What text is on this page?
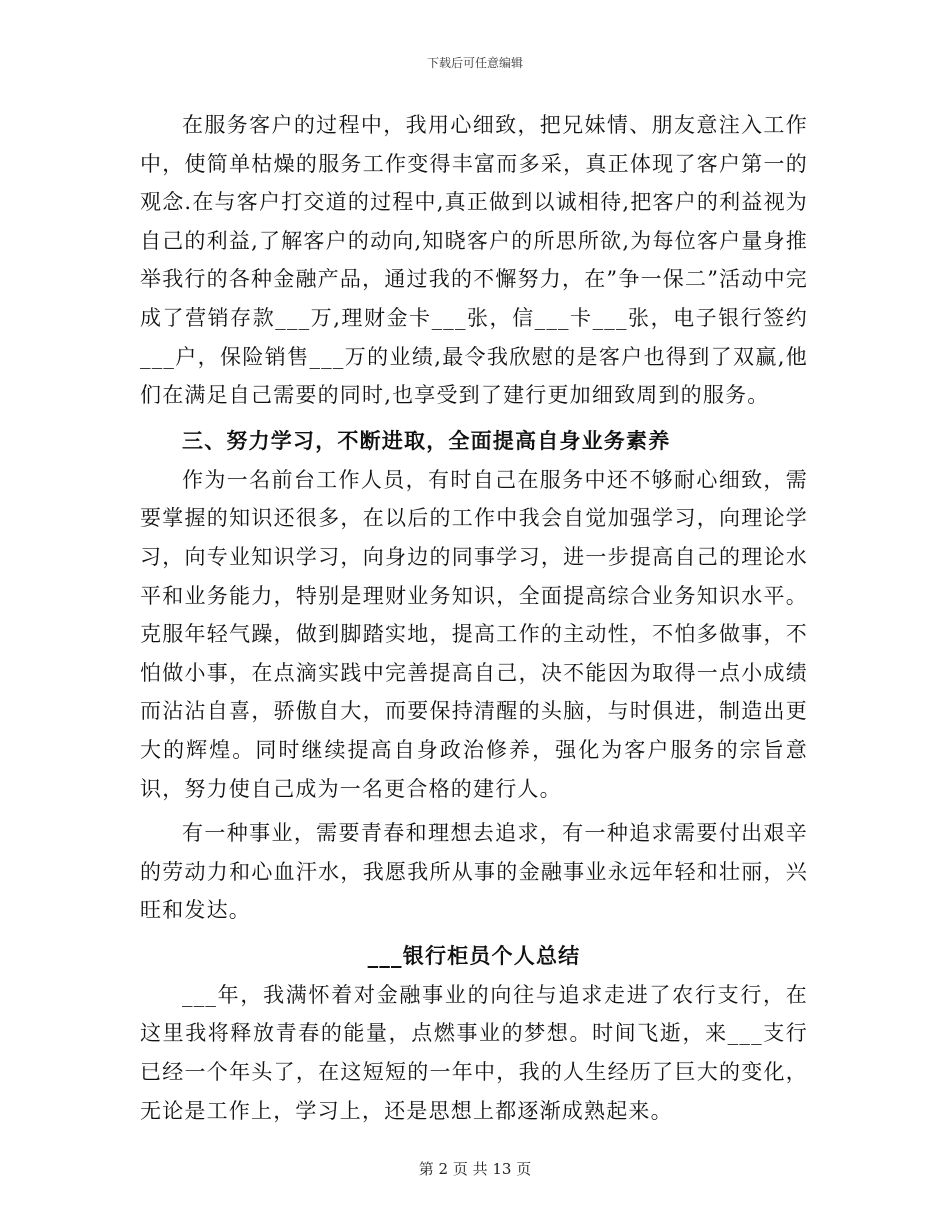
下载后可任意编辑

在服务客户的过程中，我用心细致，把兄妹情、朋友意注入工作中，使简单枯燥的服务工作变得丰富而多采，真正体现了客户第一的观念.在与客户打交道的过程中,真正做到以诚相待,把客户的利益视为自己的利益,了解客户的动向,知晓客户的所思所欲,为每位客户量身推举我行的各种金融产品，通过我的不懈努力，在”争一保二”活动中完成了营销存款___万,理财金卡___张，信___卡___张，电子银行签约___户，保险销售___万的业绩,最令我欣慰的是客户也得到了双赢,他们在满足自己需要的同时,也享受到了建行更加细致周到的服务。

三、努力学习，不断进取，全面提高自身业务素养

作为一名前台工作人员，有时自己在服务中还不够耐心细致，需要掌握的知识还很多，在以后的工作中我会自觉加强学习，向理论学习，向专业知识学习，向身边的同事学习，进一步提高自己的理论水平和业务能力，特别是理财业务知识，全面提高综合业务知识水平。克服年轻气躁，做到脚踏实地，提高工作的主动性，不怕多做事，不怕做小事，在点滴实践中完善提高自己，决不能因为取得一点小成绩而沾沾自喜，骄傲自大，而要保持清醒的头脑，与时俱进，制造出更大的辉煌。同时继续提高自身政治修养，强化为客户服务的宗旨意识，努力使自己成为一名更合格的建行人。

有一种事业，需要青春和理想去追求，有一种追求需要付出艰辛的劳动力和心血汗水，我愿我所从事的金融事业永远年轻和壮丽，兴旺和发达。

___银行柜员个人总结

___年，我满怀着对金融事业的向往与追求走进了农行支行，在这里我将释放青春的能量，点燃事业的梦想。时间飞逝，来___支行已经一个年头了，在这短短的一年中，我的人生经历了巨大的变化，无论是工作上，学习上，还是思想上都逐渐成熟起来。

第 2 页 共 13 页
